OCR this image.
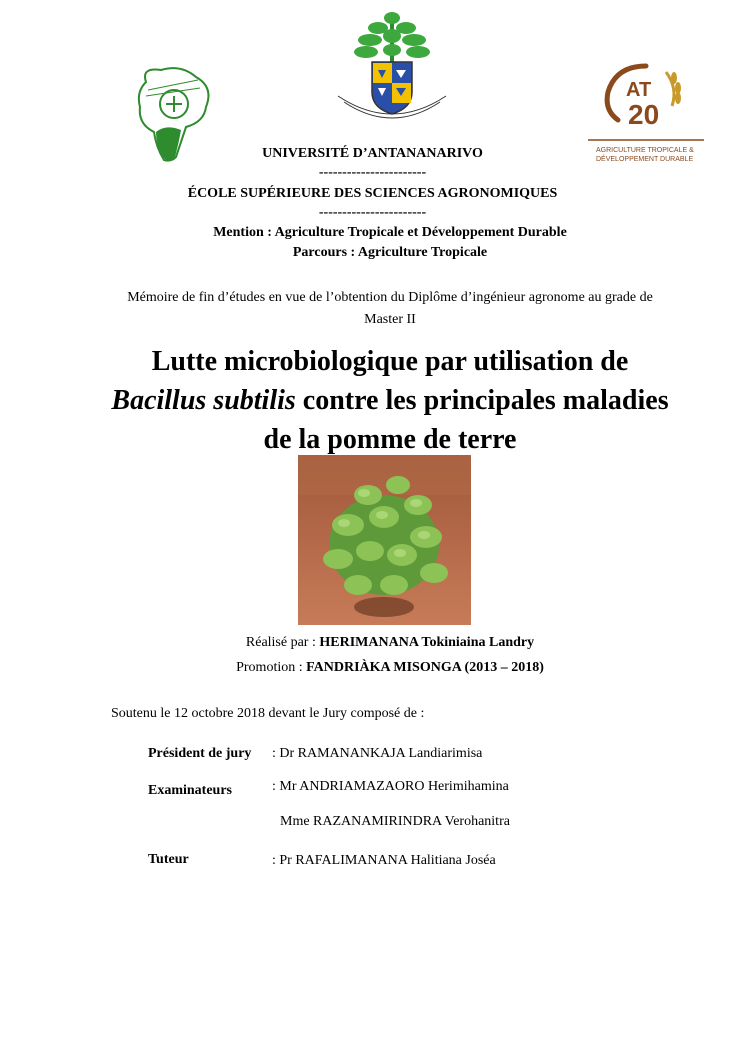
AT
20
AGRICULTURE TROPICALE &
DÉVELOPPEMENT DURABLE
UNIVERSITÉ D’ANTANANARIVO
-----------------------
ÉCOLE SUPÉRIEURE DES SCIENCES AGRONOMIQUES
-----------------------
Mention : Agriculture Tropicale et Développement Durable
Parcours : Agriculture Tropicale
Mémoire de fin d’études en vue de l’obtention du Diplôme d’ingénieur agronome au grade de
Master II
Lutte microbiologique par utilisation de
Bacillus subtilis contre les principales maladies
de la pomme de terre
Réalisé par : HERIMANANA Tokiniaina Landry
Promotion : FANDRIÀKA MISONGA (2013 – 2018)
Soutenu le 12 octobre 2018 devant le Jury composé de :
Président de jury : Dr RAMANANKAJA Landiarimisa
Examinateurs	: Mr ANDRIAMAZAORO Herimihamina
Mme RAZANAMIRINDRA Verohanitra
Tuteur	: Pr RAFALIMANANA Halitiana Joséa
